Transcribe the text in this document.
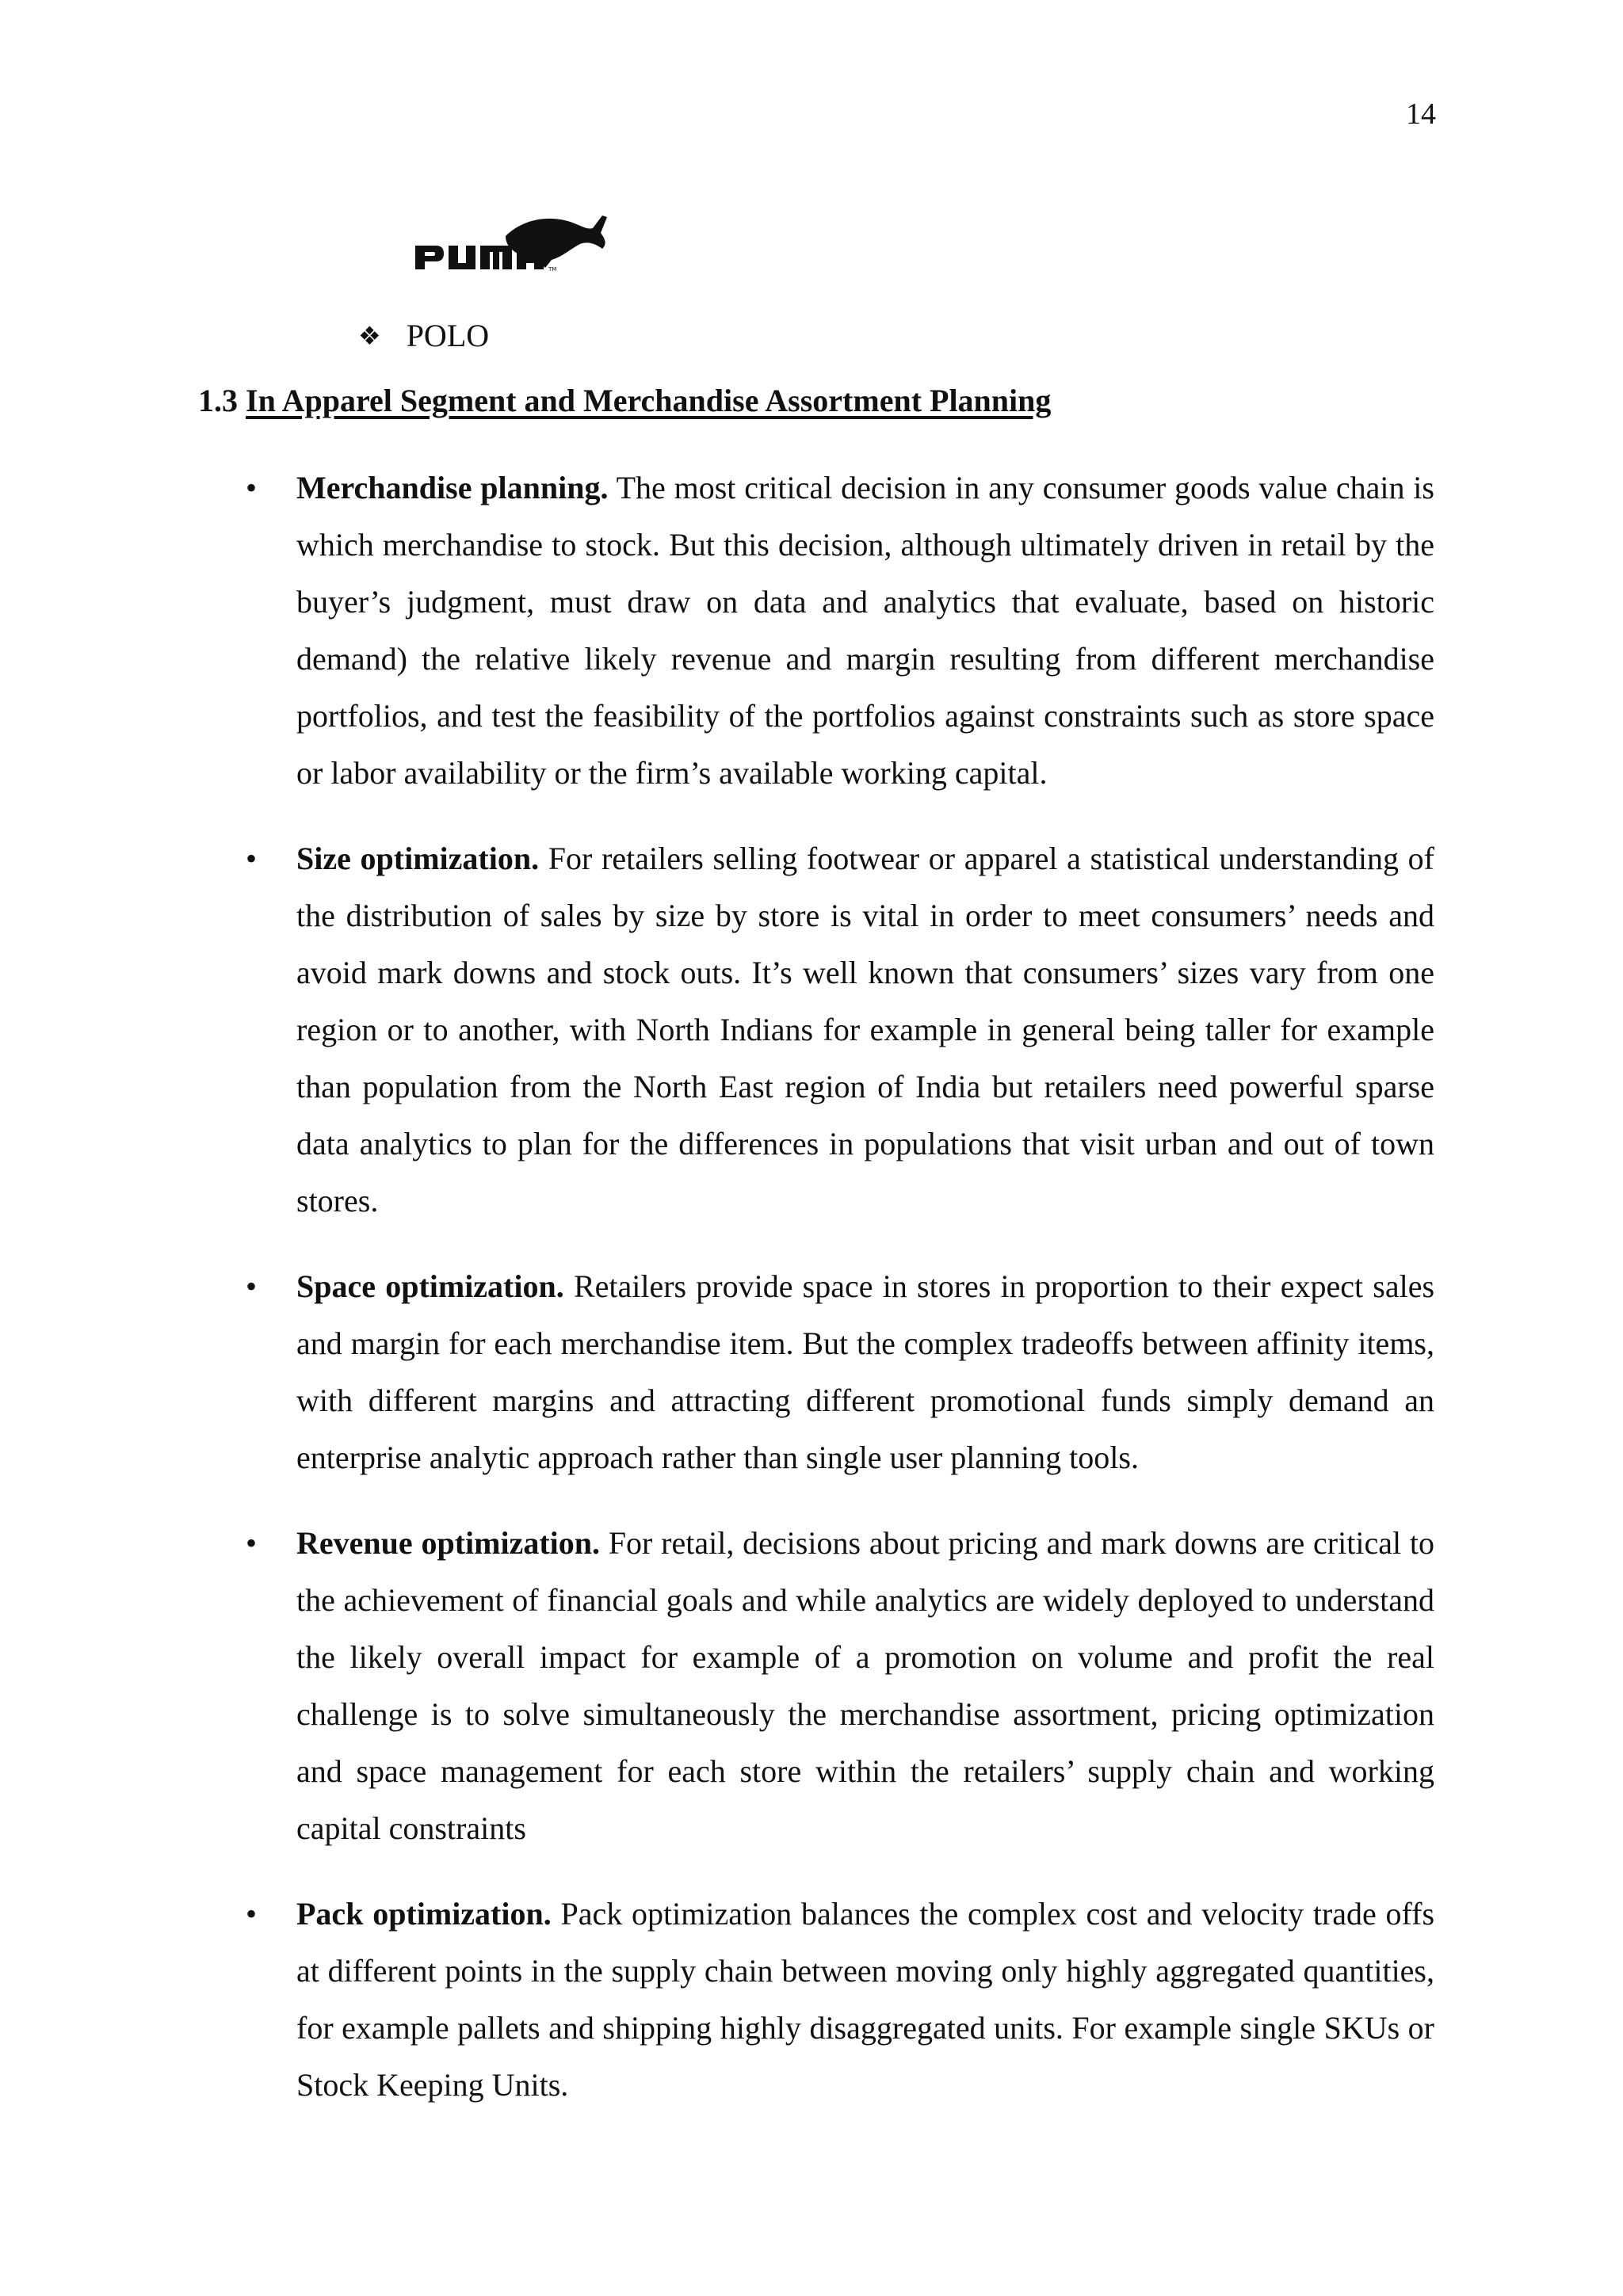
14
TM
❖ POLO
1.3 In Apparel Segment and Merchandise Assortment Planning
• Merchandise planning. The most critical decision in any consumer goods value chain is which merchandise to stock. But this decision, although ultimately driven in retail by the buyer’s judgment, must draw on data and analytics that evaluate, based on historic demand) the relative likely revenue and margin resulting from different merchandise portfolios, and test the feasibility of the portfolios against constraints such as store space or labor availability or the firm’s available working capital.
• Size optimization. For retailers selling footwear or apparel a statistical understanding of the distribution of sales by size by store is vital in order to meet consumers’ needs and avoid mark downs and stock outs. It’s well known that consumers’ sizes vary from one region or to another, with North Indians for example in general being taller for example than population from the North East region of India but retailers need powerful sparse data analytics to plan for the differences in populations that visit urban and out of town stores.
• Space optimization. Retailers provide space in stores in proportion to their expect sales and margin for each merchandise item. But the complex tradeoffs between affinity items, with different margins and attracting different promotional funds simply demand an enterprise analytic approach rather than single user planning tools.
• Revenue optimization. For retail, decisions about pricing and mark downs are critical to the achievement of financial goals and while analytics are widely deployed to understand the likely overall impact for example of a promotion on volume and profit the real challenge is to solve simultaneously the merchandise assortment, pricing optimization and space management for each store within the retailers’ supply chain and working capital constraints
• Pack optimization. Pack optimization balances the complex cost and velocity trade offs at different points in the supply chain between moving only highly aggregated quantities, for example pallets and shipping highly disaggregated units. For example single SKUs or Stock Keeping Units.
